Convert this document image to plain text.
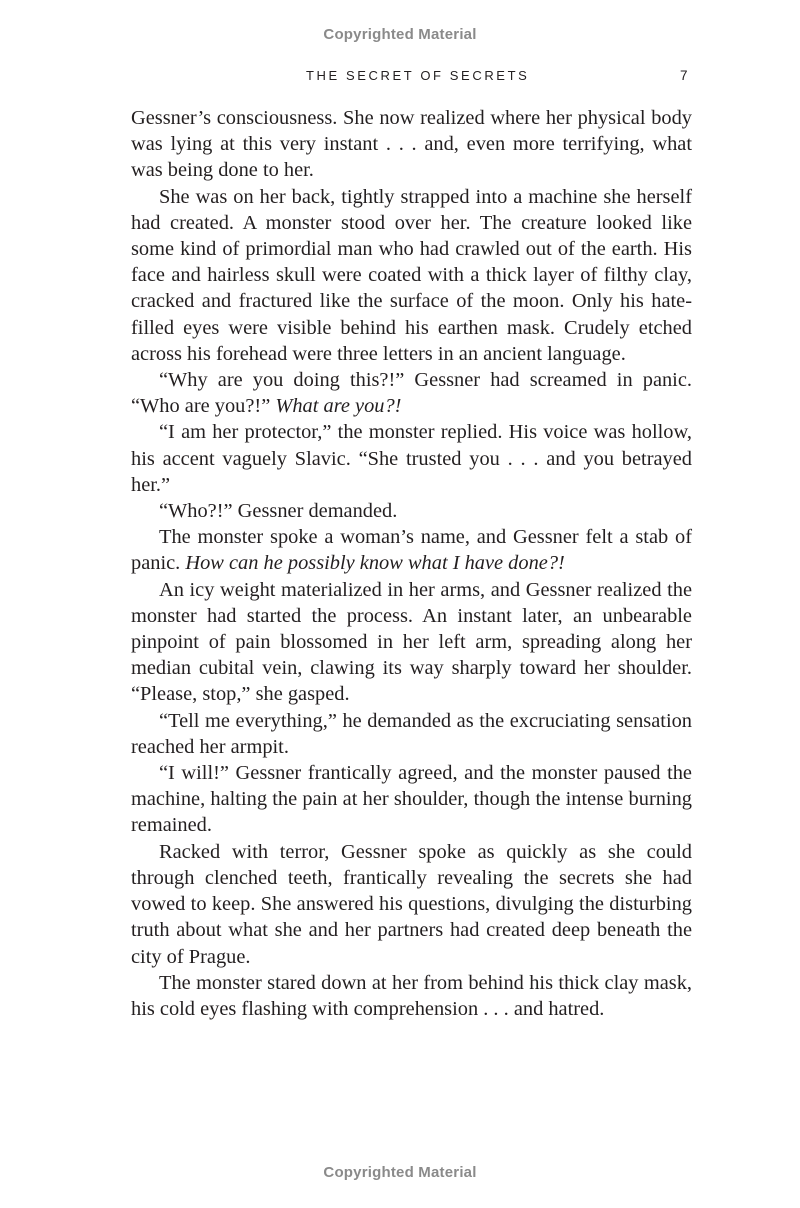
Copyrighted Material
THE SECRET OF SECRETS	7

Gessner’s consciousness. She now realized where her physical body was lying at this very instant . . . and, even more terrifying, what was being done to her.

She was on her back, tightly strapped into a machine she herself had created. A monster stood over her. The creature looked like some kind of primordial man who had crawled out of the earth. His face and hairless skull were coated with a thick layer of filthy clay, cracked and fractured like the surface of the moon. Only his hate-filled eyes were visible behind his earthen mask. Crudely etched across his forehead were three letters in an ancient language.

“Why are you doing this?!” Gessner had screamed in panic. “Who are you?!” What are you?!

“I am her protector,” the monster replied. His voice was hollow, his accent vaguely Slavic. “She trusted you . . . and you betrayed her.”

“Who?!” Gessner demanded.

The monster spoke a woman’s name, and Gessner felt a stab of panic. How can he possibly know what I have done?!

An icy weight materialized in her arms, and Gessner realized the monster had started the process. An instant later, an unbearable pinpoint of pain blossomed in her left arm, spreading along her median cubital vein, clawing its way sharply toward her shoulder. “Please, stop,” she gasped.

“Tell me everything,” he demanded as the excruciating sensation reached her armpit.

“I will!” Gessner frantically agreed, and the monster paused the machine, halting the pain at her shoulder, though the intense burning remained.

Racked with terror, Gessner spoke as quickly as she could through clenched teeth, frantically revealing the secrets she had vowed to keep. She answered his questions, divulging the disturbing truth about what she and her partners had created deep beneath the city of Prague.

The monster stared down at her from behind his thick clay mask, his cold eyes flashing with comprehension . . . and hatred.

Copyrighted Material
